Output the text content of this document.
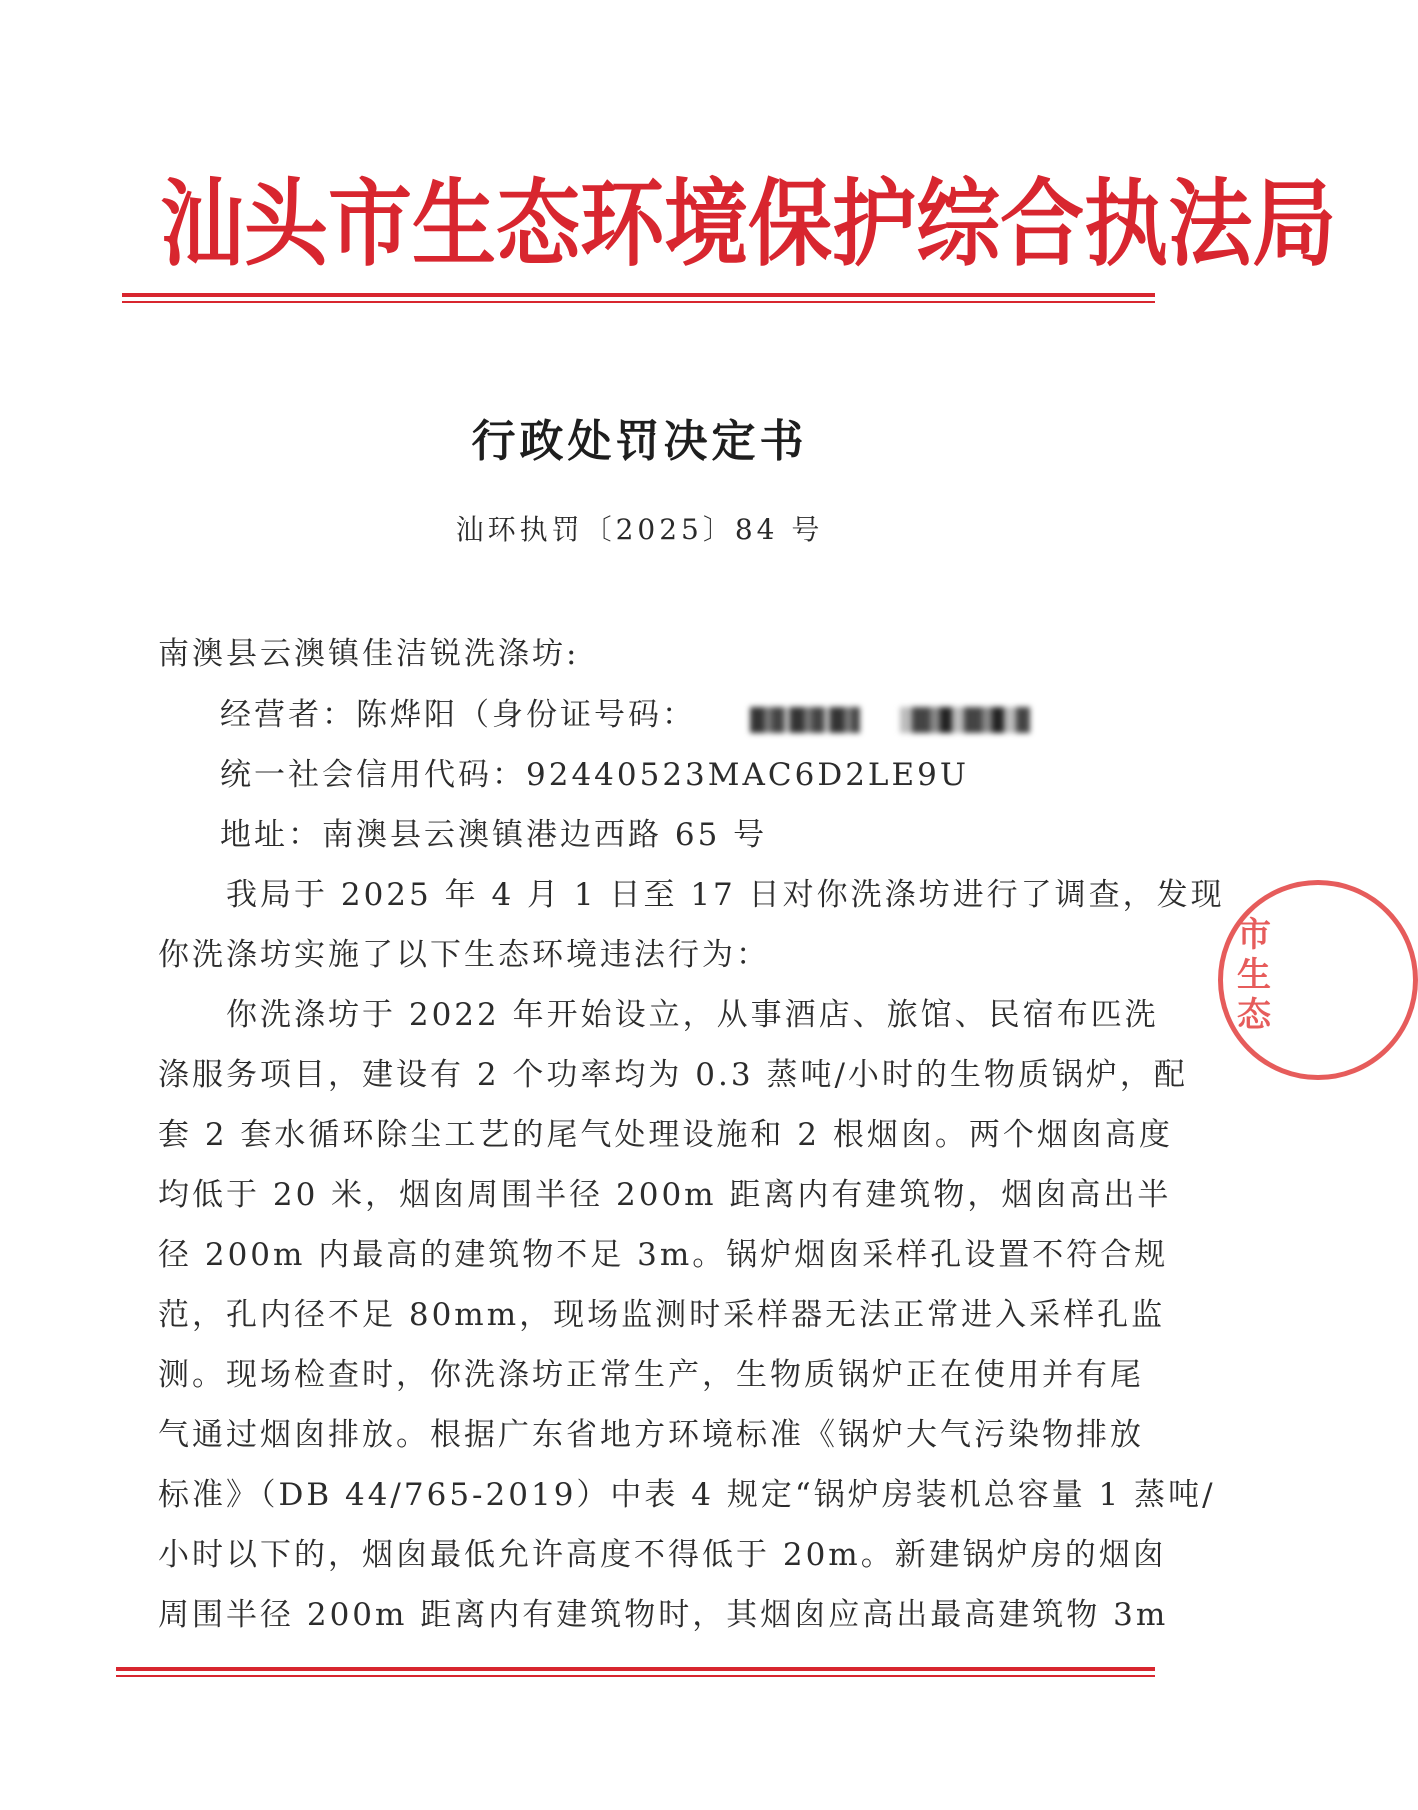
汕 头 市 生 态 环 境 保 护 综 合 执 法 局
行政处罚决定书
汕环执罚〔2025〕84 号
南澳县云澳镇佳洁锐洗涤坊:
经营者：陈烨阳（身份证号码：
统一社会信用代码：92440523MAC6D2LE9U
地址：南澳县云澳镇港边西路 65 号
　　我局于 2025 年 4 月 1 日至 17 日对你洗涤坊进行了调查，发现
你洗涤坊实施了以下生态环境违法行为：
　　你洗涤坊于 2022 年开始设立，从事酒店、旅馆、民宿布匹洗
涤服务项目，建设有 2 个功率均为 0.3 蒸吨/小时的生物质锅炉，配
套 2 套水循环除尘工艺的尾气处理设施和 2 根烟囱。两个烟囱高度
均低于 20 米，烟囱周围半径 200m 距离内有建筑物，烟囱高出半
径 200m 内最高的建筑物不足 3m。锅炉烟囱采样孔设置不符合规
范，孔内径不足 80mm，现场监测时采样器无法正常进入采样孔监
测。现场检查时，你洗涤坊正常生产，生物质锅炉正在使用并有尾
气通过烟囱排放。根据广东省地方环境标准《锅炉大气污染物排放
标准》（DB 44/765-2019）中表 4 规定“锅炉房装机总容量 1 蒸吨/
小时以下的，烟囱最低允许高度不得低于 20m。新建锅炉房的烟囱
周围半径 200m 距离内有建筑物时，其烟囱应高出最高建筑物 3m
市生态
